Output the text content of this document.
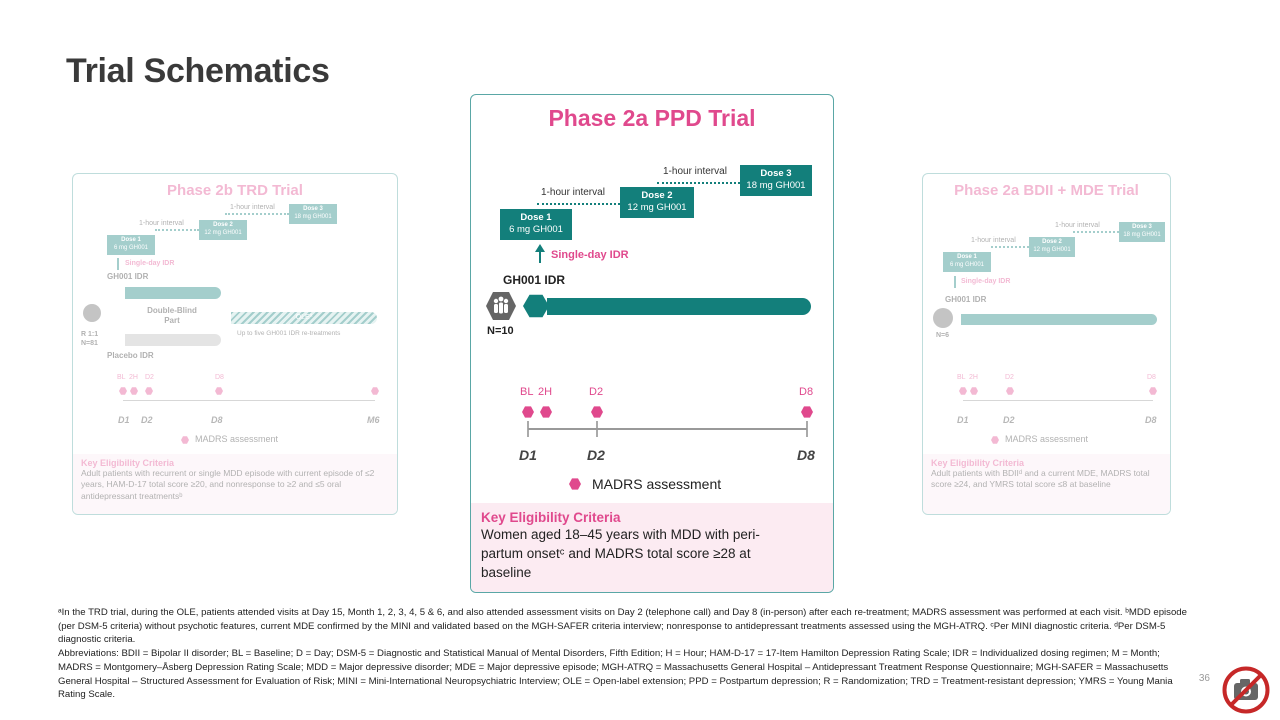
Trial Schematics
Phase 2b TRD Trial
1-hour interval	Dose 3
18 mg GH001
1-hour interval	Dose 2
12 mg GH001
Dose 1
6 mg GH001
Single-day IDR
GH001 IDR
Double-Blind Part	OLEª
Up to five GH001 IDR re-treatments
R 1:1
N=81
Placebo IDR
BL 2H D2	D8
D1 D2	D8	M6
MADRS assessment
Key Eligibility Criteria
Adult patients with recurrent or single MDD episode with current episode of ≤2 years, HAM-D-17 total score ≥20, and nonresponse to ≥2 and ≤5 oral antidepressant treatmentsᵇ
Phase 2a PPD Trial
1-hour interval	Dose 3
18 mg GH001
1-hour interval	Dose 2
12 mg GH001
Dose 1
6 mg GH001
Single-day IDR
GH001 IDR
N=10
BL 2H	D2	D8
D1	D2	D8
MADRS assessment
Key Eligibility Criteria
Women aged 18–45 years with MDD with peri-partum onsetᶜ and MADRS total score ≥28 at baseline
Phase 2a BDII + MDE Trial
1-hour interval	Dose 3
18 mg GH001
1-hour interval	Dose 2
12 mg GH001
Dose 1
6 mg GH001
Single-day IDR
GH001 IDR
N=6
BL 2H	D2	D8
D1	D2	D8
MADRS assessment
Key Eligibility Criteria
Adult patients with BDIIᵈ and a current MDE, MADRS total score ≥24, and YMRS total score ≤8 at baseline

ᵃIn the TRD trial, during the OLE, patients attended visits at Day 15, Month 1, 2, 3, 4, 5 & 6, and also attended assessment visits on Day 2 (telephone call) and Day 8 (in-person) after each re-treatment; MADRS assessment was performed at each visit. ᵇMDD episode (per DSM-5 criteria) without psychotic features, current MDE confirmed by the MINI and validated based on the MGH-SAFER criteria interview; nonresponse to antidepressant treatments assessed using the MGH-ATRQ. ᶜPer MINI diagnostic criteria. ᵈPer DSM-5 diagnostic criteria.

Abbreviations: BDII = Bipolar II disorder; BL = Baseline; D = Day; DSM-5 = Diagnostic and Statistical Manual of Mental Disorders, Fifth Edition; H = Hour; HAM-D-17 = 17-Item Hamilton Depression Rating Scale; IDR = Individualized dosing regimen; M = Month; MADRS = Montgomery–Åsberg Depression Rating Scale; MDD = Major depressive disorder; MDE = Major depressive episode; MGH-ATRQ = Massachusetts General Hospital – Antidepressant Treatment Response Questionnaire; MGH-SAFER = Massachusetts General Hospital – Structured Assessment for Evaluation of Risk; MINI = Mini-International Neuropsychiatric Interview; OLE = Open-label extension; PPD = Postpartum depression; R = Randomization; TRD = Treatment-resistant depression; YMRS = Young Mania Rating Scale.

36
